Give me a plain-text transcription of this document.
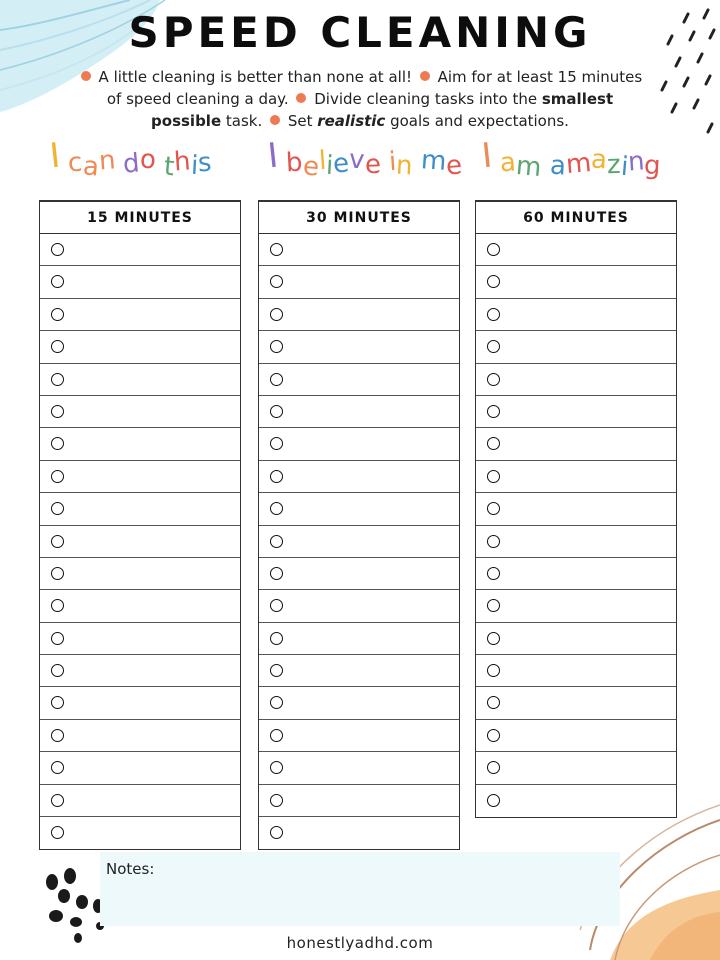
SPEED CLEANING
A little cleaning is better than none at all! Aim for at least 15 minutes of speed cleaning a day. Divide cleaning tasks into the smallest possible task. Set realistic goals and expectations.
I can do this I believe in me I am amazing
15 MINUTES	30 MINUTES	60 MINUTES
Notes:
honestlyadhd.com
